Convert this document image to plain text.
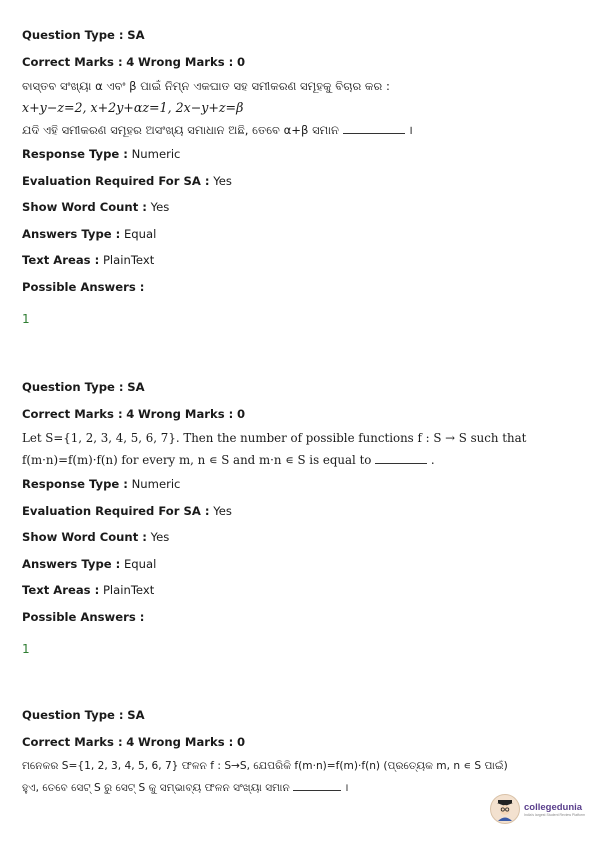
Question Type : SA
Correct Marks : 4 Wrong Marks : 0
ବାସ୍ତବ ସଂଖ୍ୟା α ଏବଂ β ପାଇଁ ନିମ୍ନ ଏକଘାତ ସହ ସମୀକରଣ ସମୂହକୁ ବିଚାର କର :
x+y−z=2, x+2y+αz=1, 2x−y+z=β
ଯଦି ଏହି ସମୀକରଣ ସମୂହର ଅସଂଖ୍ୟ ସମାଧାନ ଅଛି, ତେବେ α+β ସମାନ	।
Response Type : Numeric
Evaluation Required For SA : Yes
Show Word Count : Yes
Answers Type : Equal
Text Areas : PlainText
Possible Answers :
1
Question Type : SA
Correct Marks : 4 Wrong Marks : 0
Let S={1, 2, 3, 4, 5, 6, 7}. Then the number of possible functions f : S → S such that
f(m·n)=f(m)·f(n) for every m, n ∊ S and m·n ∊ S is equal to	.
Response Type : Numeric
Evaluation Required For SA : Yes
Show Word Count : Yes
Answers Type : Equal
Text Areas : PlainText
Possible Answers :
1
Question Type : SA
Correct Marks : 4 Wrong Marks : 0
ମନେକର S={1, 2, 3, 4, 5, 6, 7} ଫଳନ f : S→S, ଯେପରିକି f(m·n)=f(m)·f(n) (ପ୍ରତ୍ୟେକ m, n ∊ S ପାଇଁ)
ହୁଏ, ତେବେ ସେଟ୍ S ରୁ ସେଟ୍ S କୁ ସମ୍ଭାବ୍ୟ ଫଳନ ସଂଖ୍ୟା ସମାନ	।
collegedunia
India's largest Student Review Platform
